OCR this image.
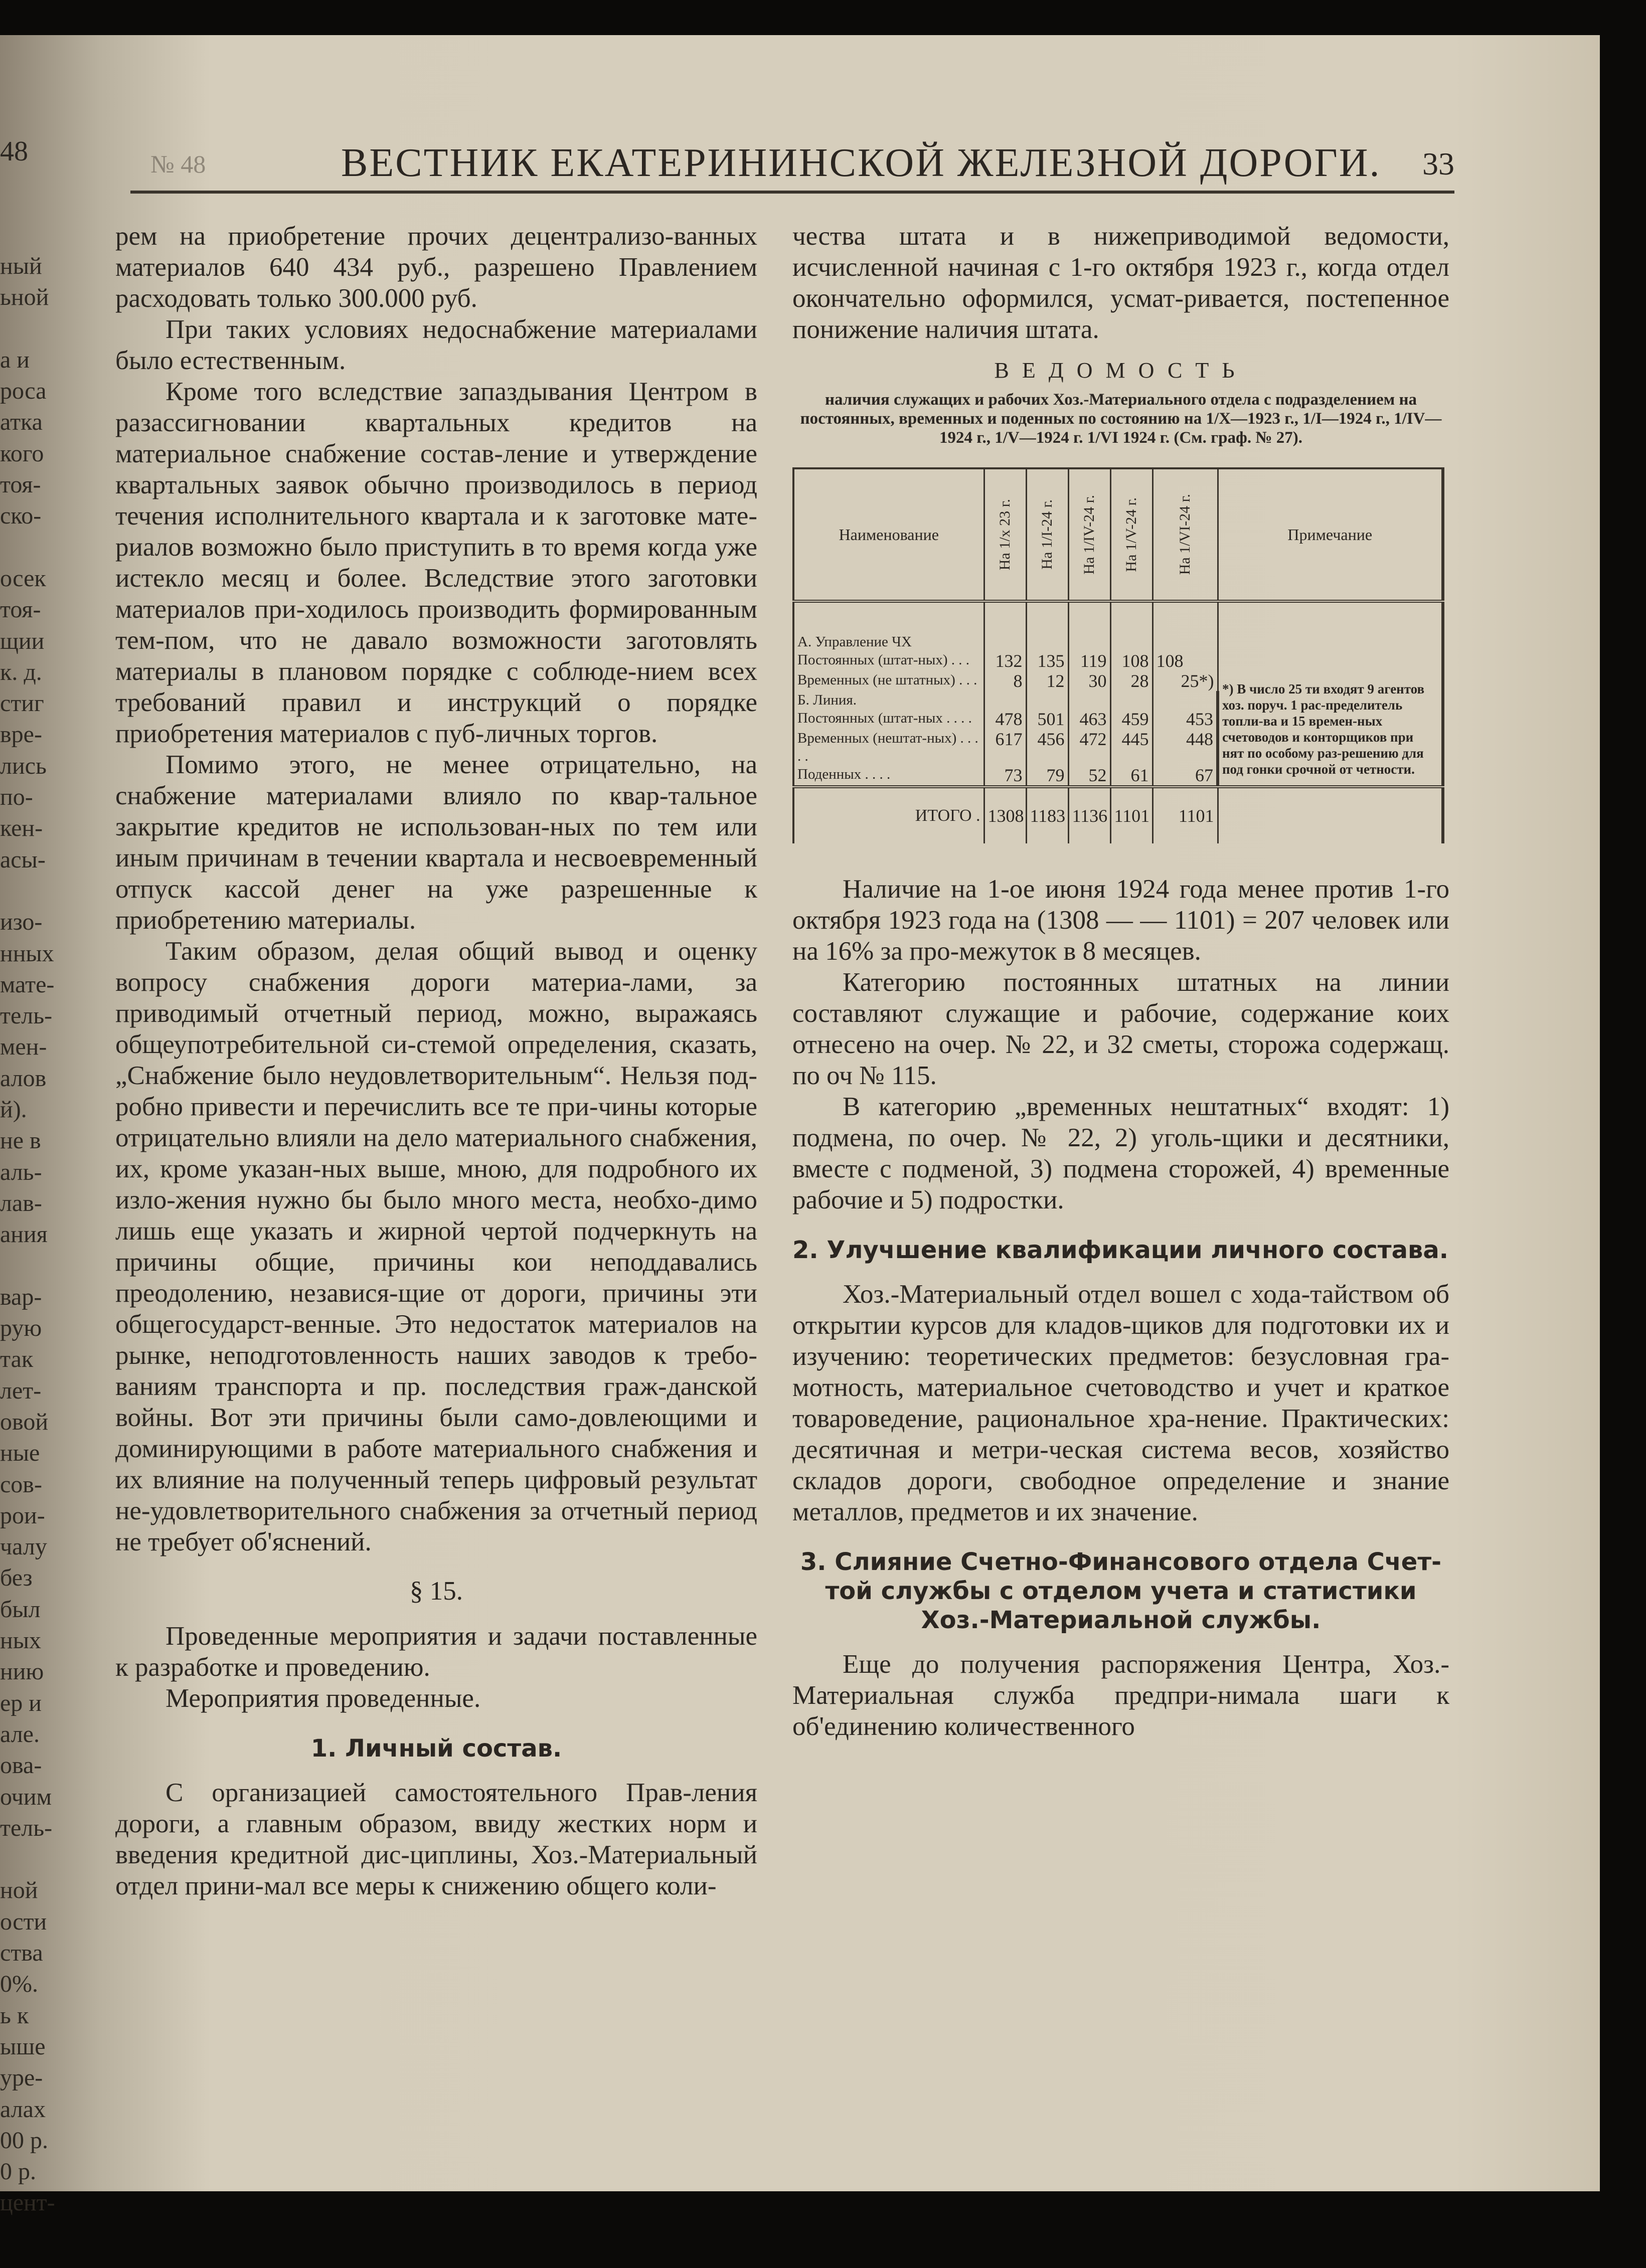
48
ный
ьной

а и
роса
атка
кого
тоя-
ско-

осек
тоя-
щии
к. д.
стиг
вре-
лись
по-
кен-
асы-

изо-
нных
мате-
тель-
мен-
алов
й).
не в
аль-
лав-
ания

вар-
рую
так
лет-
овой
ные
сов-
рои-
чалу
без
был
ных
нию
ер и
але.
ова-
очим
тель-

ной
ости
ства
0%.
ь к
ыше
уре-
алах
00 р.
0 р.
цент-
№ 48	ВЕСТНИК ЕКАТЕРИНИНСКОЙ ЖЕЛЕЗНОЙ ДОРОГИ. 33

рем на приобретение прочих децентрализо-ванных материалов 640 434 руб., разрешено Правлением расходовать только 300.000 руб.

При таких условиях недоснабжение материалами было естественным.

Кроме того вследствие запаздывания Центром в разассигновании квартальных кредитов на материальное снабжение состав-ление и утверждение квартальных заявок обычно производилось в период течения исполнительного квартала и к заготовке мате-риалов возможно было приступить в то время когда уже истекло месяц и более. Вследствие этого заготовки материалов при-ходилось производить формированным тем-пом, что не давало возможности заготовлять материалы в плановом порядке с соблюде-нием всех требований правил и инструкций о порядке приобретения материалов с пуб-личных торгов.

Помимо этого, не менее отрицательно, на снабжение материалами влияло по квар-тальное закрытие кредитов не использован-ных по тем или иным причинам в течении квартала и несвоевременный отпуск кассой денег на уже разрешенные к приобретению материалы.

Таким образом, делая общий вывод и оценку вопросу снабжения дороги материа-лами, за приводимый отчетный период, можно, выражаясь общеупотребительной си-стемой определения, сказать, „Снабжение было неудовлетворительным“. Нельзя под-робно привести и перечислить все те при-чины которые отрицательно влияли на дело материального снабжения, их, кроме указан-ных выше, мною, для подробного их изло-жения нужно бы было много места, необхо-димо лишь еще указать и жирной чертой подчеркнуть на причины общие, причины кои неподдавались преодолению, независя-щие от дороги, причины эти общегосударст-венные. Это недостаток материалов на рынке, неподготовленность наших заводов к требо-ваниям транспорта и пр. последствия граж-данской войны. Вот эти причины были само-довлеющими и доминирующими в работе материального снабжения и их влияние на полученный теперь цифровый результат не-удовлетворительного снабжения за отчетный период не требует об'яснений.

§ 15.

Проведенные мероприятия и задачи поставленные к разработке и проведению.

Мероприятия проведенные.

1. Личный состав.

С организацией самостоятельного Прав-ления дороги, а главным образом, ввиду жестких норм и введения кредитной дис-циплины, Хоз.-Материальный отдел прини-мал все меры к снижению общего коли-

чества штата и в нижеприводимой ведомости, исчисленной начиная с 1-го октября 1923 г., когда отдел окончательно оформился, усмат-ривается, постепенное понижение наличия штата.

ВЕДОМОСТЬ
наличия служащих и рабочих Хоз.-Материального отдела с подразделением на постоянных, временных и поденных по состоянию на 1/X—1923 г., 1/I—1924 г., 1/IV—1924 г., 1/V—1924 г. 1/VI 1924 г. (См. граф. № 27).
Наименование	На 1/х 23 г.	На 1/I-24 г.	На 1/IV-24 г.	На 1/V-24 г.	На 1/VI-24 г.	Примечание

А. Управление ЧХ						
Постоянных (штат-ных) . . .	132	135	119	108	108	
Временных (не штатных) . . .	8	12	30	28	25*)	*) В число 25 ти входят 9 агентов хоз. поруч. 1 рас-пределитель топли-ва и 15 времен-ных счетоводов и конторщиков при нят по особому раз-решению для под гонки срочной от четности.
Б. Линия.						
Постоянных (штат-ных . . . .	478	501	463	459	453	
Временных (нештат-ных) . . . . .	617	456	472	445	448	
Поденных . . . .	73	79	52	61	67	
ИТОГО .	1308	1183	1136	1101	1101	

Наличие на 1-ое июня 1924 года менее против 1-го октября 1923 года на (1308 — — 1101) = 207 человек или на 16% за про-межуток в 8 месяцев.

Категорию постоянных штатных на линии составляют служащие и рабочие, содержание коих отнесено на очер. № 22, и 32 сметы, сторожа содержащ. по оч № 115.

В категорию „временных нештатных“ входят: 1) подмена, по очер. № 22, 2) уголь-щики и десятники, вместе с подменой, 3) подмена сторожей, 4) временные рабочие и 5) подростки.

2. Улучшение квалификации личного состава.

Хоз.-Материальный отдел вошел с хода-тайством об открытии курсов для кладов-щиков для подготовки их и изучению: теоретических предметов: безусловная гра-мотность, материальное счетоводство и учет и краткое товароведение, рациональное хра-нение. Практических: десятичная и метри-ческая система весов, хозяйство складов дороги, свободное определение и знание металлов, предметов и их значение.

3. Слияние Счетно-Финансового отдела Счет-той службы с отделом учета и статистики Хоз.-Материальной службы.

Еще до получения распоряжения Центра, Хоз.-Материальная служба предпри-нимала шаги к об'единению количественного
